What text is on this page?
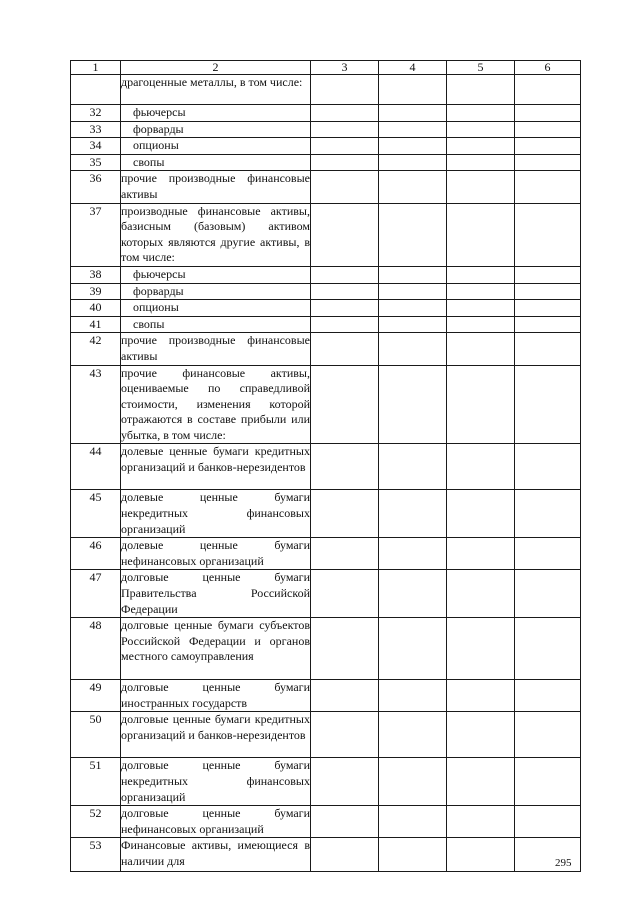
1	2	3	4	5	6
	драгоценные металлы, в том числе:				
32	фьючерсы				
33	форварды				
34	опционы				
35	свопы				
36	прочие производные финансовые активы				
37	производные финансовые активы, базисным (базовым) активом которых являются другие активы, в том числе:				
38	фьючерсы				
39	форварды				
40	опционы				
41	свопы				
42	прочие производные финансовые активы				
43	прочие финансовые активы, оцениваемые по справедливой стоимости, изменения которой отражаются в составе прибыли или убытка, в том числе:				
44	долевые ценные бумаги кредитных организаций и банков-нерезидентов				
45	долевые ценные бумаги некредитных финансовых организаций				
46	долевые ценные бумаги нефинансовых организаций				
47	долговые ценные бумаги Правительства Российской Федерации				
48	долговые ценные бумаги субъектов Российской Федерации и органов местного самоуправления				
49	долговые ценные бумаги иностранных государств				
50	долговые ценные бумаги кредитных организаций и банков-нерезидентов				
51	долговые ценные бумаги некредитных финансовых организаций				
52	долговые ценные бумаги нефинансовых организаций				
53	Финансовые активы, имеющиеся в наличии для					295
